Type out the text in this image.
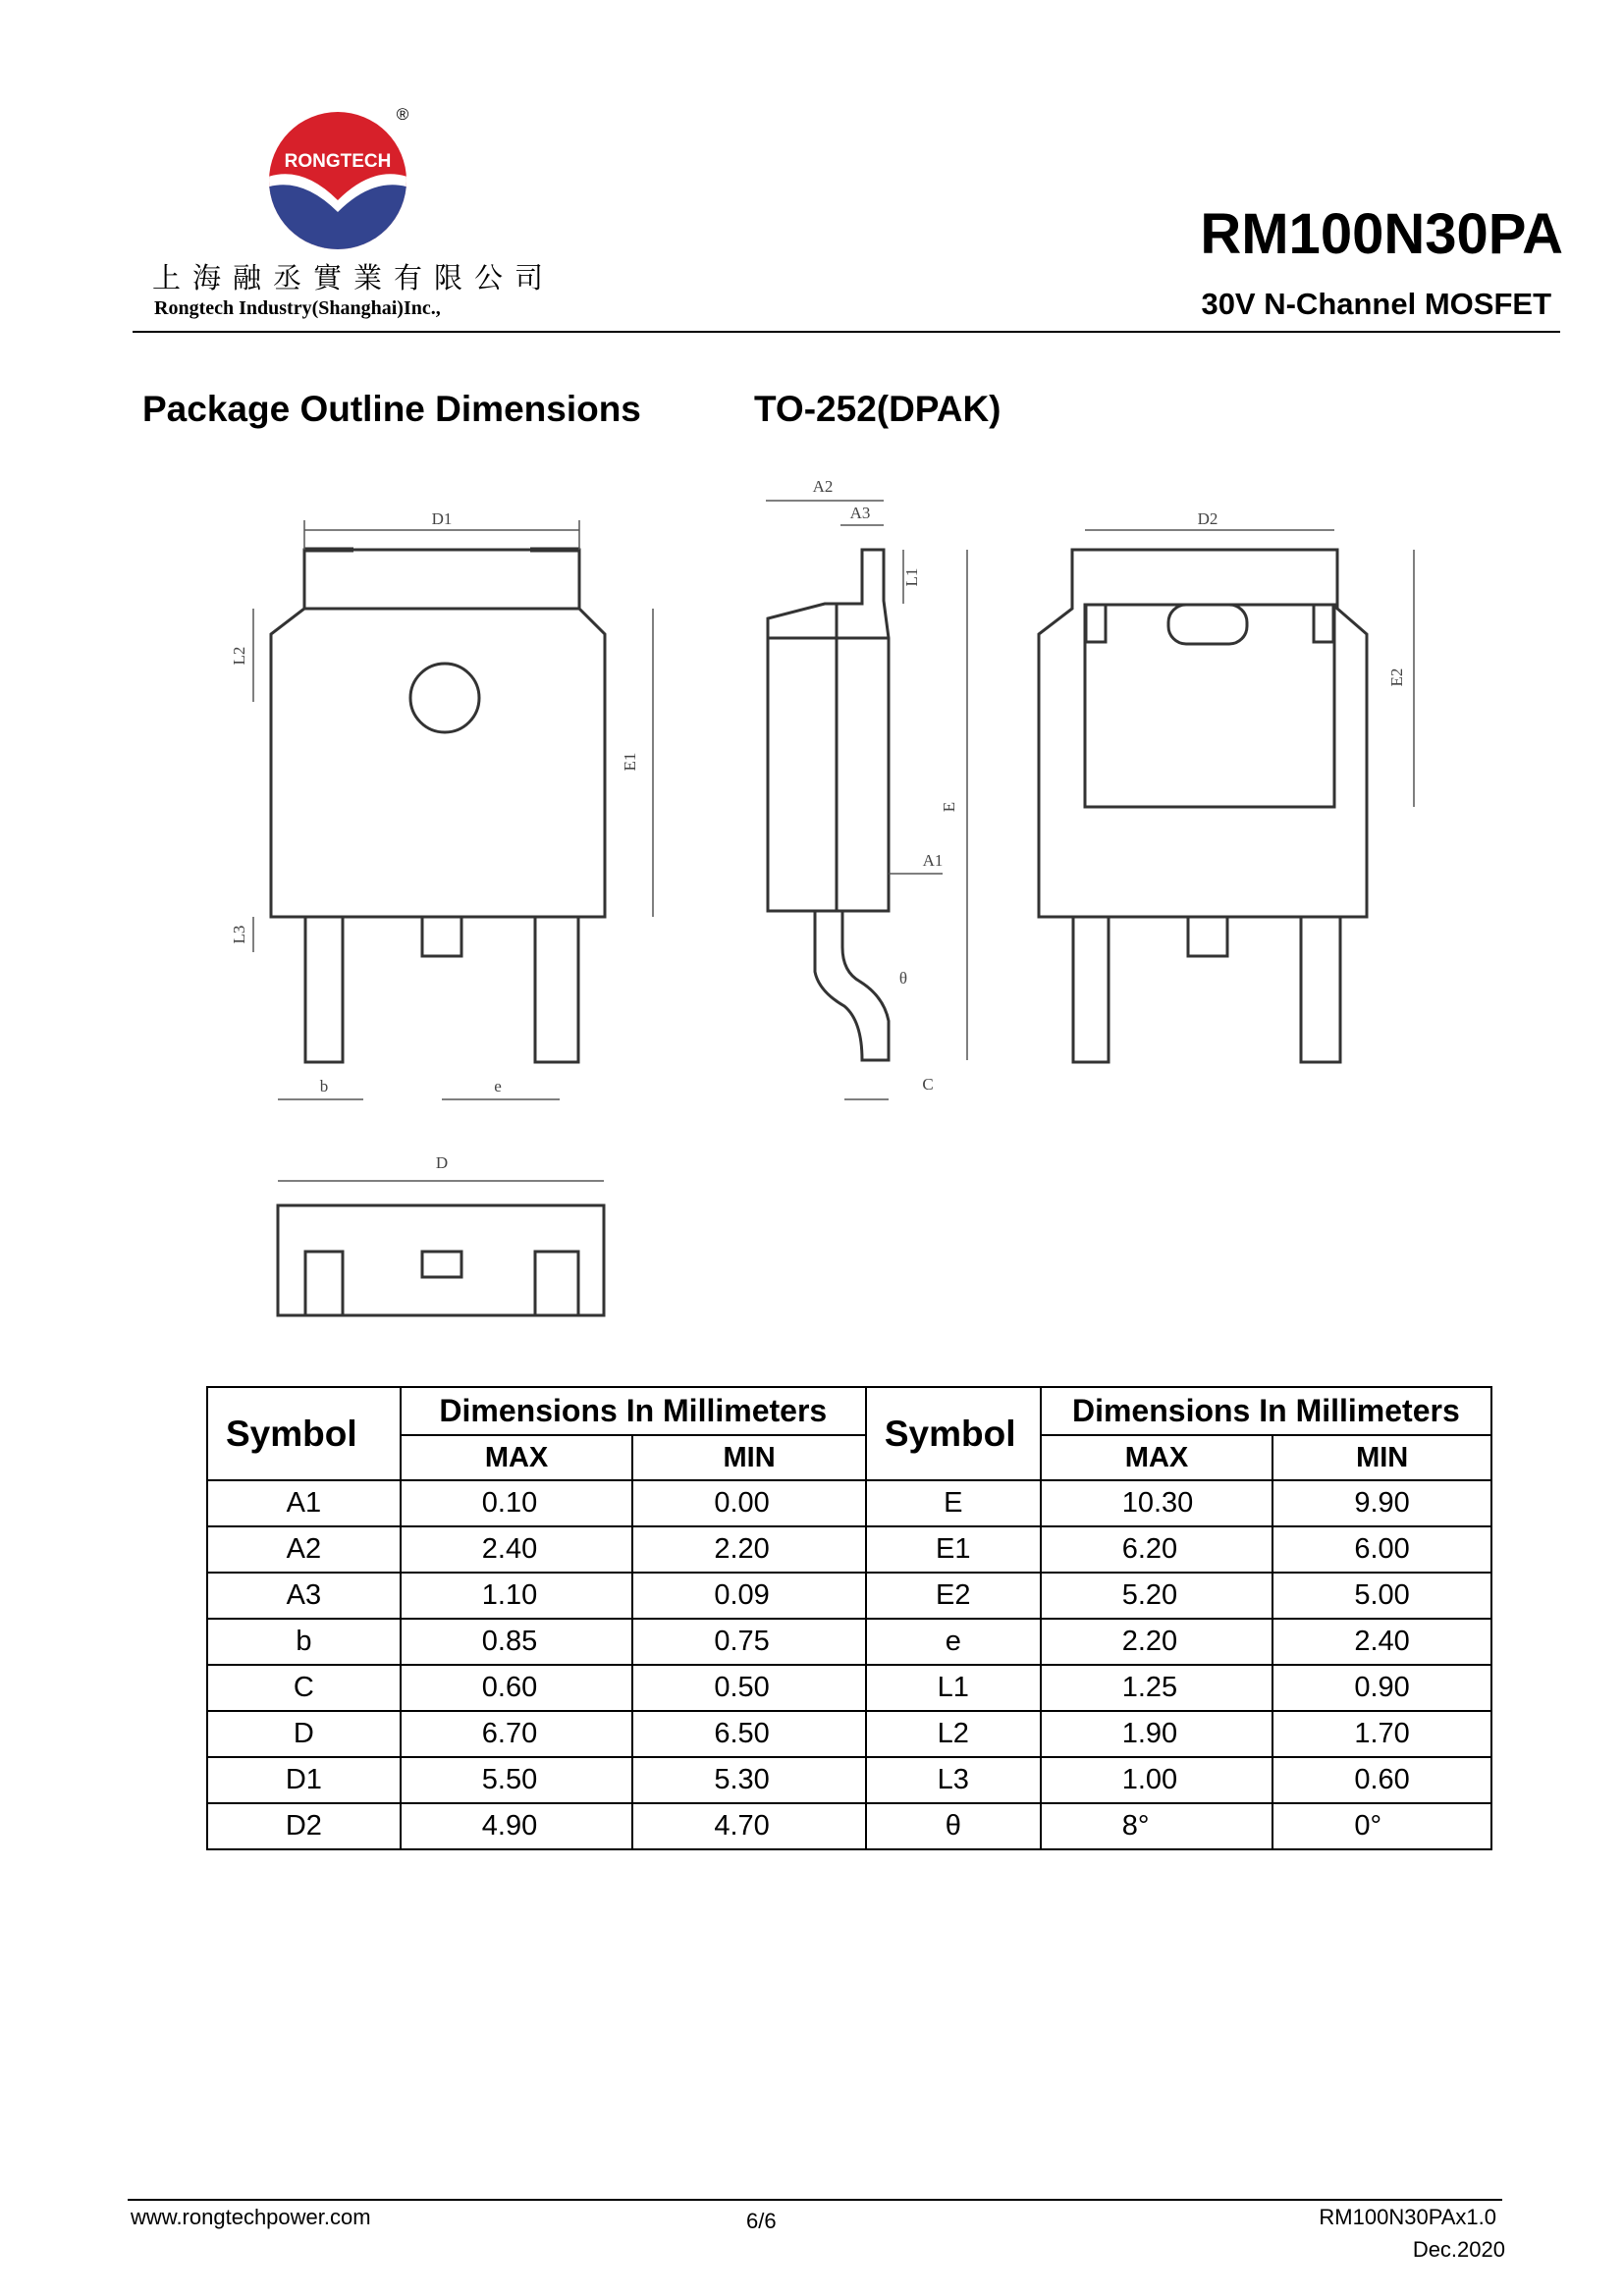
RONGTECH
®
上海融丞實業有限公司
Rongtech Industry(Shanghai)Inc.,
RM100N30PA
30V N-Channel MOSFET
Package Outline Dimensions	TO-252(DPAK)
D1
L2
E1
L3
b	e
D
A2
A3
L1
E
A1
θ
C
D2
E2
Symbol	Dimensions In Millimeters		Symbol	Dimensions In Millimeters	
	MAX	MIN		MAX	MIN
A1	0.10	0.00	E	10.30	9.90
A2	2.40	2.20	E1	6.20	6.00
A3	1.10	0.09	E2	5.20	5.00
b	0.85	0.75	e	2.20	2.40
C	0.60	0.50	L1	1.25	0.90
D	6.70	6.50	L2	1.90	1.70
D1	5.50	5.30	L3	1.00	0.60
D2	4.90	4.70	θ	8°	0°
www.rongtechpower.com	6/6	RM100N30PAx1.0
Dec.2020
